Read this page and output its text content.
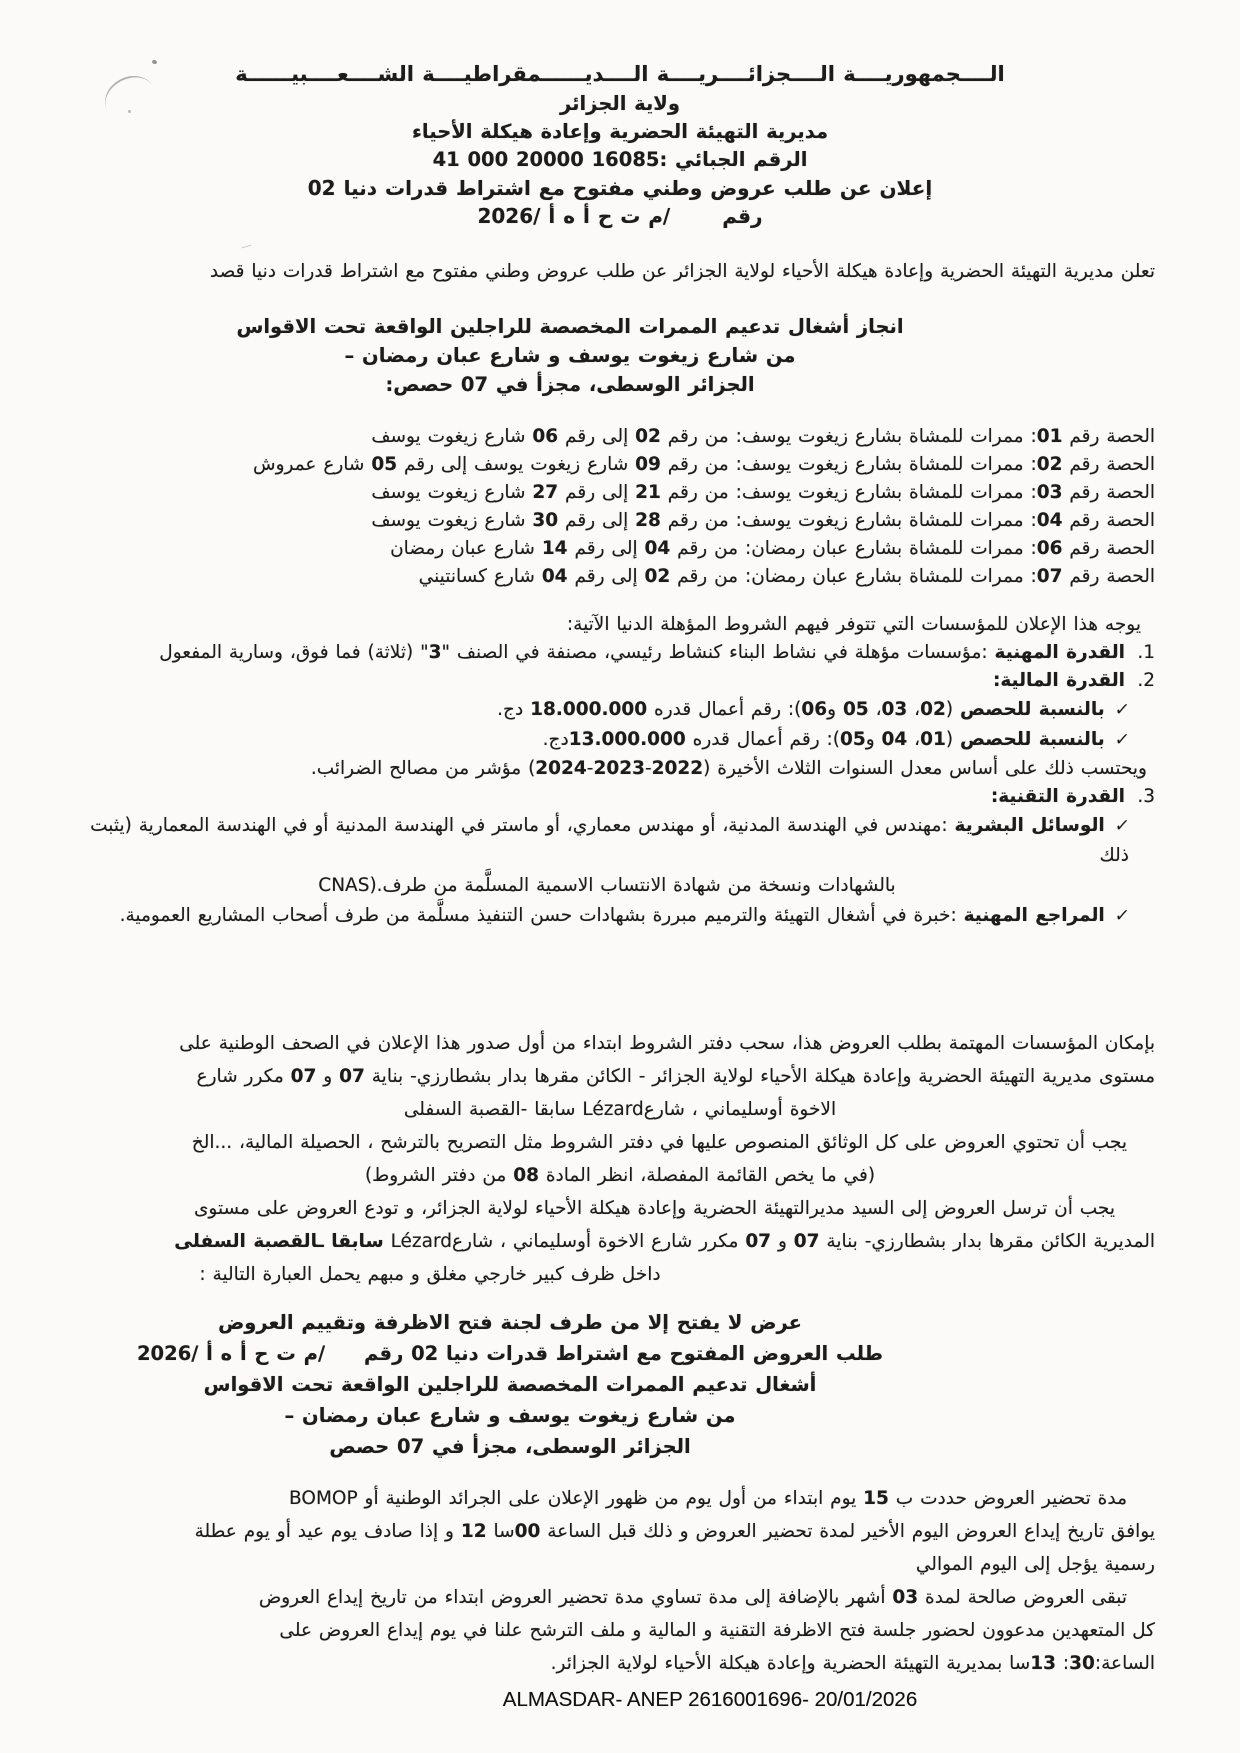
الــــجمهوريــــة الــــجزائــــريــــة الــــديــــــمقراطيــــة الشــــعــــبيــــــة
ولاية الجزائر
مديرية التهيئة الحضرية وإعادة هيكلة الأحياء
الرقم الجبائي :41 000 20000 16085
إعلان عن طلب عروض وطني مفتوح مع اشتراط قدرات دنيا 02
رقم/م ت ح أ ه أ /2026
تعلن مديرية التهيئة الحضرية وإعادة هيكلة الأحياء لولاية الجزائر عن طلب عروض وطني مفتوح مع اشتراط قدرات دنيا قصد
انجاز أشغال تدعيم الممرات المخصصة للراجلين الواقعة تحت الاقواس
من شارع زيغوت يوسف و شارع عبان رمضان –
الجزائر الوسطى، مجزأ في 07 حصص:
الحصة رقم 01: ممرات للمشاة بشارع زيغوت يوسف: من رقم 02 إلى رقم 06 شارع زيغوت يوسف
الحصة رقم 02: ممرات للمشاة بشارع زيغوت يوسف: من رقم 09 شارع زيغوت يوسف إلى رقم 05 شارع عمروش
الحصة رقم 03: ممرات للمشاة بشارع زيغوت يوسف: من رقم 21 إلى رقم 27 شارع زيغوت يوسف
الحصة رقم 04: ممرات للمشاة بشارع زيغوت يوسف: من رقم 28 إلى رقم 30 شارع زيغوت يوسف
الحصة رقم 06: ممرات للمشاة بشارع عبان رمضان: من رقم 04 إلى رقم 14 شارع عبان رمضان
الحصة رقم 07: ممرات للمشاة بشارع عبان رمضان: من رقم 02 إلى رقم 04 شارع كسانتيني
يوجه هذا الإعلان للمؤسسات التي تتوفر فيهم الشروط المؤهلة الدنيا الآتية:
1.القدرة المهنية :مؤسسات مؤهلة في نشاط البناء كنشاط رئيسي، مصنفة في الصنف "3" (ثلاثة) فما فوق، وسارية المفعول
2.القدرة المالية:
✓بالنسبة للحصص (02، 03، 05 و06): رقم أعمال قدره 18.000.000 دج.
✓بالنسبة للحصص (01، 04 و05): رقم أعمال قدره 13.000.000دج.
ويحتسب ذلك على أساس معدل السنوات الثلاث الأخيرة (2022‏-2023‏-2024) مؤشر من مصالح الضرائب.
3.القدرة التقنية:
✓الوسائل البشرية :مهندس في الهندسة المدنية، أو مهندس معماري، أو ماستر في الهندسة المدنية أو في الهندسة المعمارية (يثبت ذلك
بالشهادات ونسخة من شهادة الانتساب الاسمية المسلَّمة من طرف.(CNAS
✓المراجع المهنية :خبرة في أشغال التهيئة والترميم مبررة بشهادات حسن التنفيذ مسلَّمة من طرف أصحاب المشاريع العمومية.
بإمكان المؤسسات المهتمة بطلب العروض هذا، سحب دفتر الشروط ابتداء من أول صدور هذا الإعلان في الصحف الوطنية على
مستوى مديرية التهيئة الحضرية وإعادة هيكلة الأحياء لولاية الجزائر - الكائن مقرها بدار بشطارزي- بناية 07 و 07 مكرر شارع
الاخوة أوسليماني ، شارعLézard سابقا -القصبة السفلى
يجب أن تحتوي العروض على كل الوثائق المنصوص عليها في دفتر الشروط مثل التصريح بالترشح ، الحصيلة المالية، ...الخ
(في ما يخص القائمة المفصلة، انظر المادة 08 من دفتر الشروط)
يجب أن ترسل العروض إلى السيد مديرالتهيئة الحضرية وإعادة هيكلة الأحياء لولاية الجزائر، و تودع العروض على مستوى
المديرية الكائن مقرها بدار بشطارزي- بناية 07 و 07 مكرر شارع الاخوة أوسليماني ، شارعLézard سابقا ـالقصبة السفلى
داخل ظرف كبير خارجي مغلق و مبهم يحمل العبارة التالية :
عرض لا يفتح إلا من طرف لجنة فتح الاظرفة وتقييم العروض
طلب العروض المفتوح مع اشتراط قدرات دنيا 02 رقم     /م ت ح أ ه أ /2026
أشغال تدعيم الممرات المخصصة للراجلين الواقعة تحت الاقواس
من شارع زيغوت يوسف و شارع عبان رمضان –
الجزائر الوسطى، مجزأ في 07 حصص
مدة تحضير العروض حددت ب 15 يوم ابتداء من أول يوم من ظهور الإعلان على الجرائد الوطنية أو BOMOP
يوافق تاريخ إيداع العروض اليوم الأخير لمدة تحضير العروض و ذلك قبل الساعة 00سا 12 و إذا صادف يوم عيد أو يوم عطلة
رسمية يؤجل إلى اليوم الموالي
تبقى العروض صالحة لمدة 03 أشهر بالإضافة إلى مدة تساوي مدة تحضير العروض ابتداء من تاريخ إيداع العروض
كل المتعهدين مدعوون لحضور جلسة فتح الاظرفة التقنية و المالية و ملف الترشح علنا في يوم إيداع العروض على
الساعة:30: 13سا بمديرية التهيئة الحضرية وإعادة هيكلة الأحياء لولاية الجزائر.
ALMASDAR- ANEP 2616001696- 20/01/2026
